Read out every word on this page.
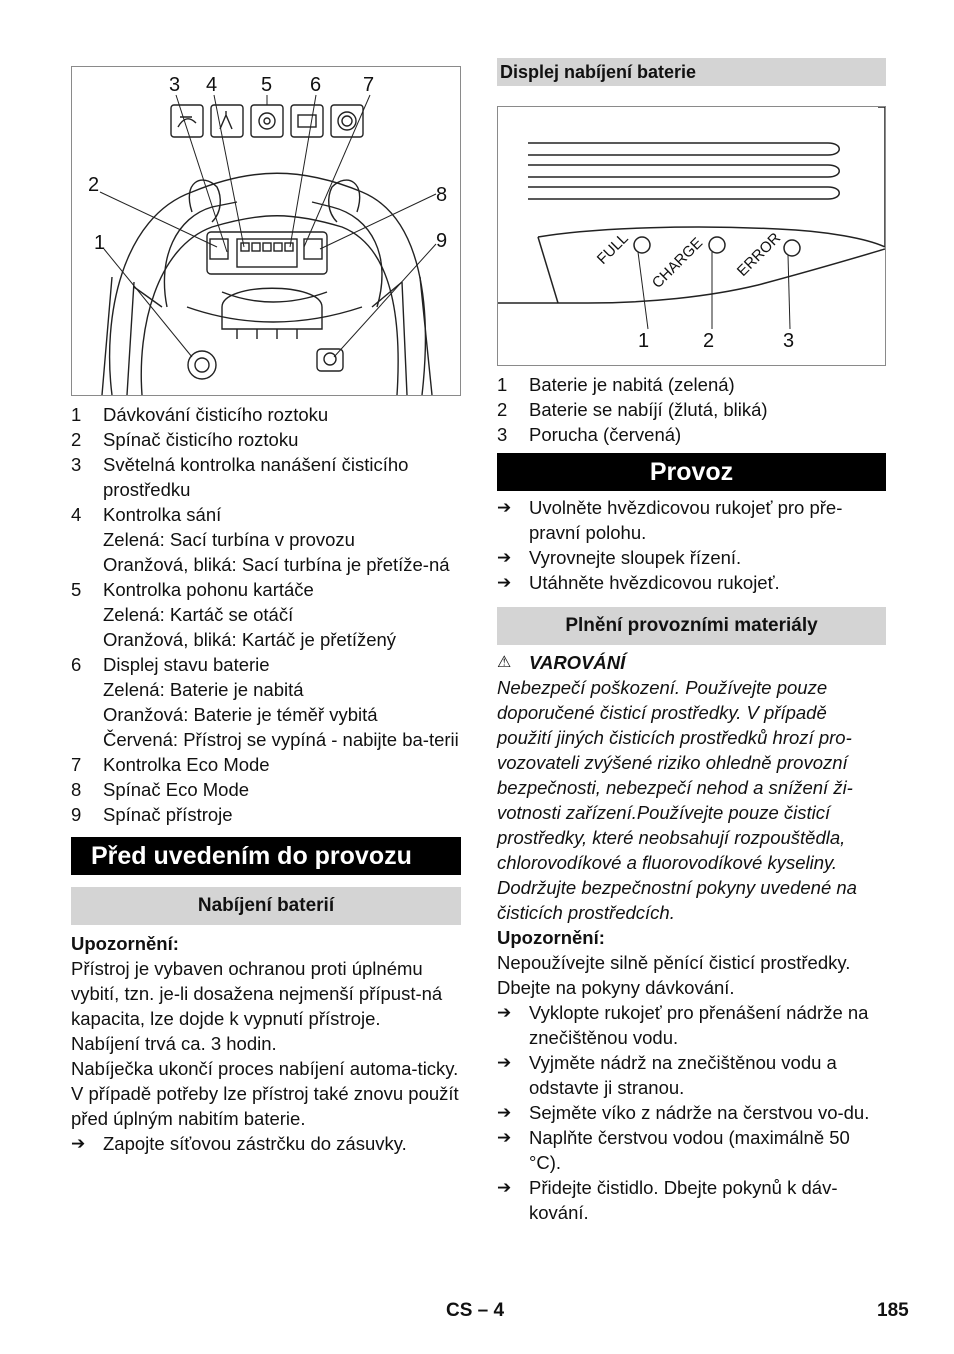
3 4 5 6 7
2	8
1	9
1	Dávkování čisticího roztoku
2	Spínač čisticího roztoku
3	Světelná kontrolka nanášení čisticího prostředku
4	Kontrolka sání
Zelená: Sací turbína v provozu
Oranžová, bliká: Sací turbína je přetíže-ná
5	Kontrolka pohonu kartáče
Zelená: Kartáč se otáčí
Oranžová, bliká: Kartáč je přetížený
6	Displej stavu baterie
Zelená: Baterie je nabitá
Oranžová: Baterie je téměř vybitá
Červená: Přístroj se vypíná - nabijte ba-terii
7	Kontrolka Eco Mode
8	Spínač Eco Mode
9	Spínač přístroje
Před uvedením do provozu
Nabíjení baterií

Upozornění:

Přístroj je vybaven ochranou proti úplnému vybití, tzn. je-li dosažena nejmenší přípust-ná kapacita, lze dojde k vypnutí přístroje.

Nabíjení trvá ca. 3 hodin.

Nabíječka ukončí proces nabíjení automa-ticky.

V případě potřeby lze přístroj také znovu použít před úplným nabitím baterie.

➔ Zapojte síťovou zástrčku do zásuvky.
Displej nabíjení baterie
FULL CHARGE ERROR
1	2	3
1	Baterie je nabitá (zelená)
2	Baterie se nabíjí (žlutá, bliká)
3	Porucha (červená)
Provoz
➔ Uvolněte hvězdicovou rukojeť pro pře-pravní polohu.
➔ Vyrovnejte sloupek řízení.
➔ Utáhněte hvězdicovou rukojeť.
Plnění provozními materiály
⚠ VAROVÁNÍ

Nebezpečí poškození. Používejte pouze doporučené čisticí prostředky. V případě použití jiných čisticích prostředků hrozí pro-vozovateli zvýšené riziko ohledně provozní bezpečnosti, nebezpečí nehod a snížení ži-votnosti zařízení.Používejte pouze čisticí prostředky, které neobsahují rozpouštědla, chlorovodíkové a fluorovodíkové kyseliny. Dodržujte bezpečnostní pokyny uvedené na čisticích prostředcích.

Upozornění:

Nepoužívejte silně pěnící čisticí prostředky. Dbejte na pokyny dávkování.

➔ Vyklopte rukojeť pro přenášení nádrže na znečištěnou vodu.
➔ Vyjměte nádrž na znečištěnou vodu a odstavte ji stranou.
➔ Sejměte víko z nádrže na čerstvou vo-du.
➔ Naplňte čerstvou vodou (maximálně 50 °C).
➔ Přidejte čistidlo. Dbejte pokynů k dáv-kování.
CS – 4	185
